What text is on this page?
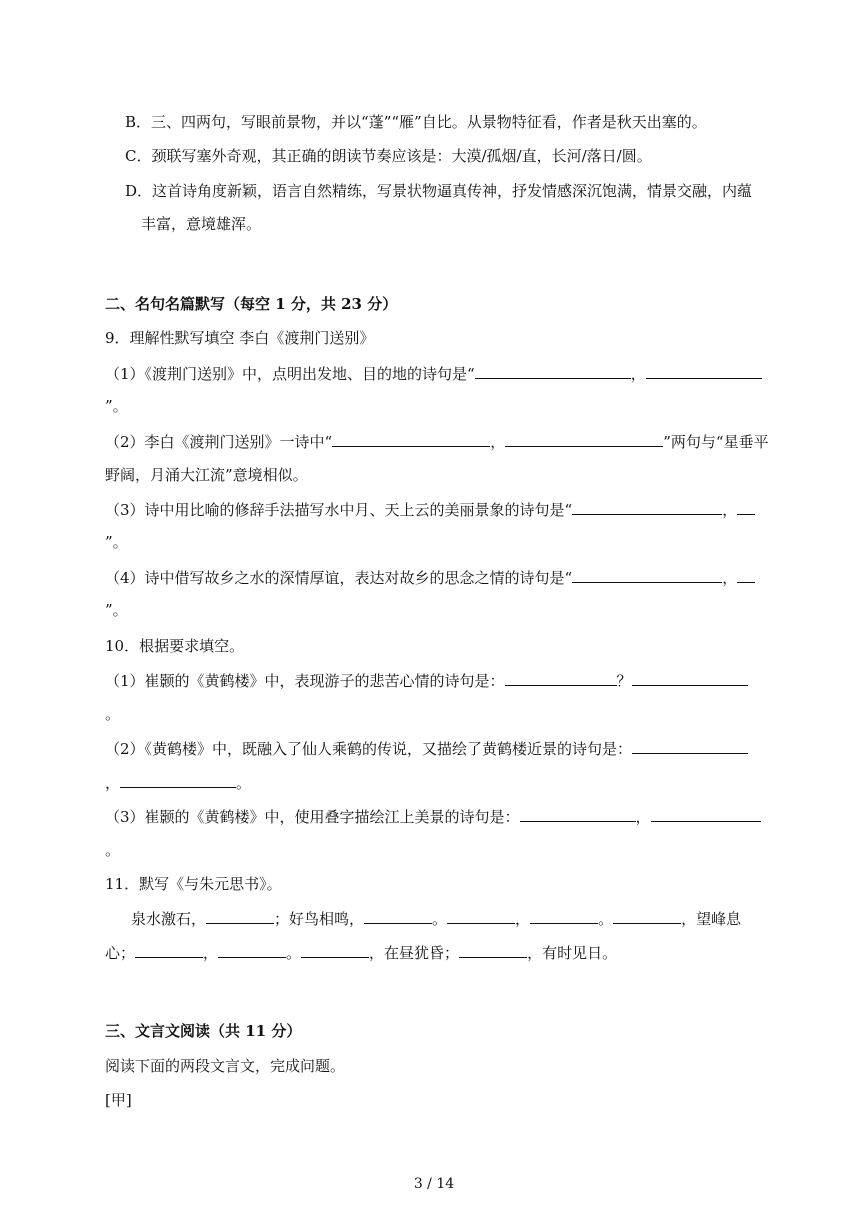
B．三、四两句，写眼前景物，并以“蓬”“雁”自比。从景物特征看，作者是秋天出塞的。
C．颈联写塞外奇观，其正确的朗读节奏应该是：大漠/孤烟/直，长河/落日/圆。
D．这首诗角度新颖，语言自然精练，写景状物逼真传神，抒发情感深沉饱满，情景交融，内蕴
丰富，意境雄浑。
二、名句名篇默写（每空 1 分，共 23 分）
9．理解性默写填空 李白《渡荆门送别》
（1）《渡荆门送别》中，点明出发地、目的地的诗句是“	，
”。
（2）李白《渡荆门送别》一诗中“	，	”两句与“星垂平
野阔，月涌大江流”意境相似。
（3）诗中用比喻的修辞手法描写水中月、天上云的美丽景象的诗句是“	，
”。
（4）诗中借写故乡之水的深情厚谊，表达对故乡的思念之情的诗句是“	，
”。
10．根据要求填空。
（1）崔颢的《黄鹤楼》中，表现游子的悲苦心情的诗句是：	？
。
（2）《黄鹤楼》中，既融入了仙人乘鹤的传说，又描绘了黄鹤楼近景的诗句是：
，	。
（3）崔颢的《黄鹤楼》中，使用叠字描绘江上美景的诗句是：	，
。
11．默写《与朱元思书》。
泉水激石，	；好鸟相鸣，	。	，	。	，望峰息
心；	，	。	，在昼犹昏；	，有时见日。
三、文言文阅读（共 11 分）
阅读下面的两段文言文，完成问题。
[甲]
3 / 14
